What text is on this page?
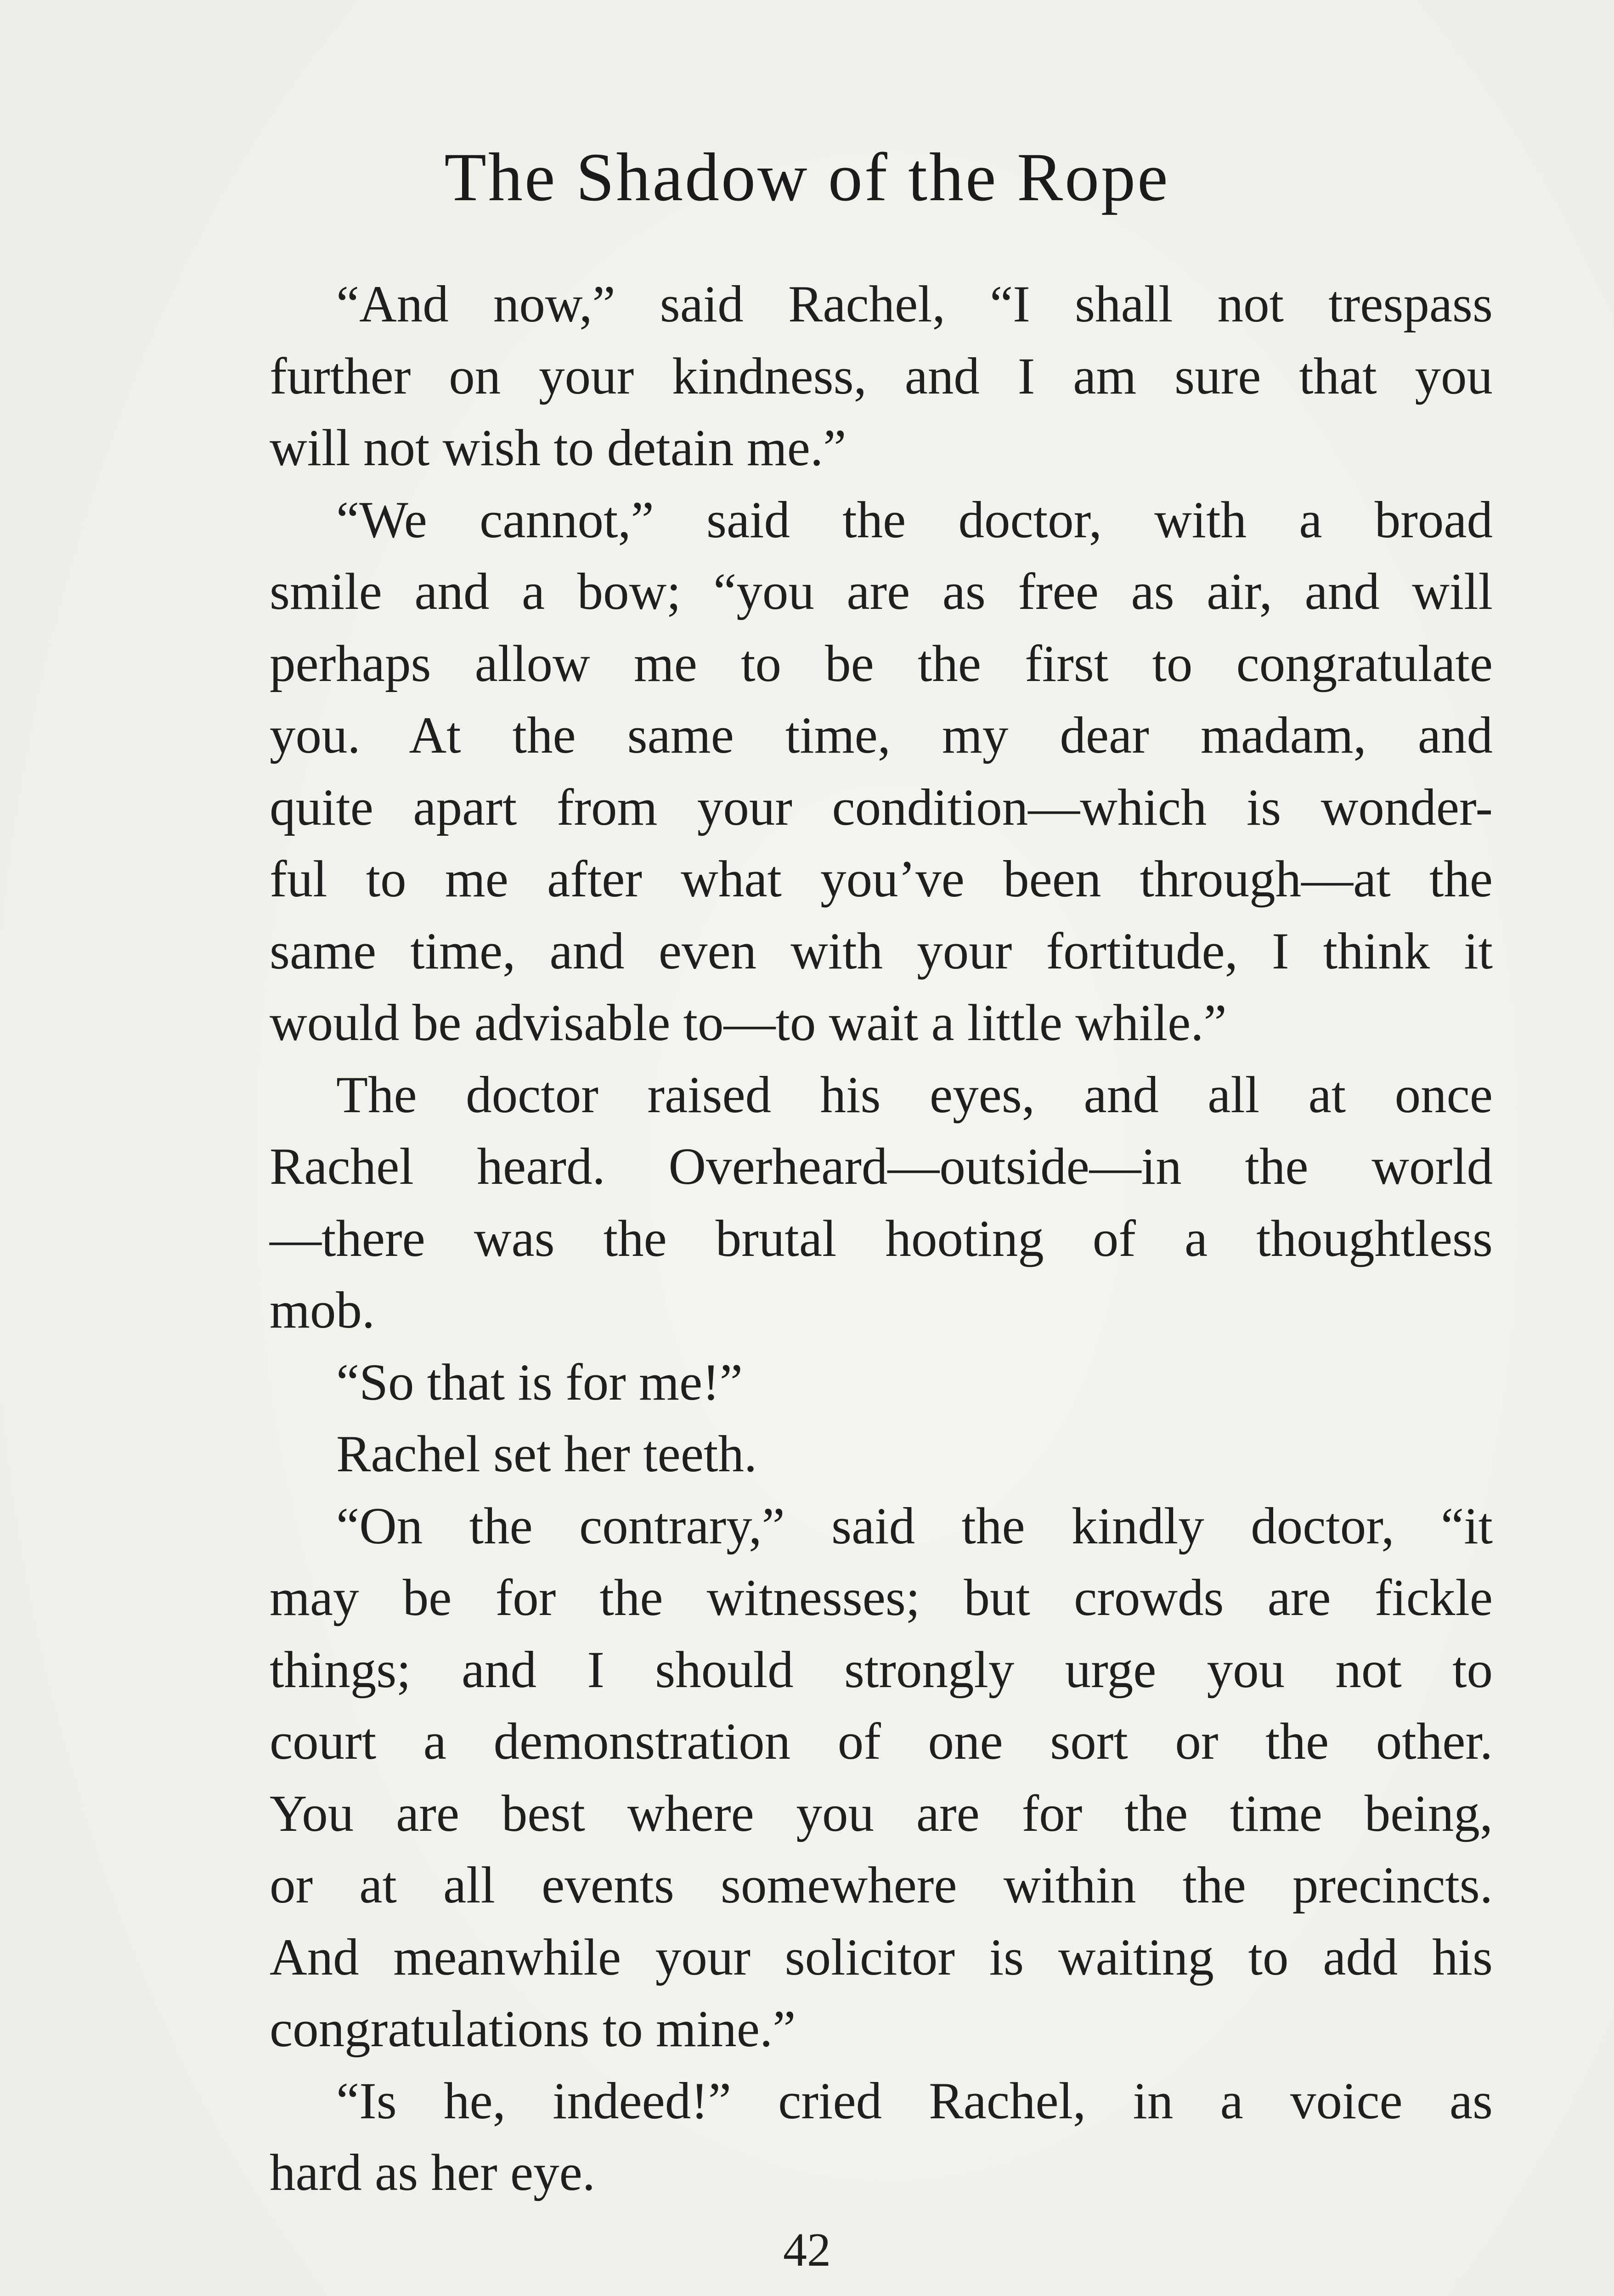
The Shadow of the Rope
“And now,” said Rachel, “I shall not trespass
further on your kindness, and I am sure that you
will not wish to detain me.”
“We cannot,” said the doctor, with a broad
smile and a bow; “you are as free as air, and will
perhaps allow me to be the first to congratulate
you. At the same time, my dear madam, and
quite apart from your condition—which is wonder-
ful to me after what you’ve been through—at the
same time, and even with your fortitude, I think it
would be advisable to—to wait a little while.”
The doctor raised his eyes, and all at once
Rachel heard. Overheard—outside—in the world
—there was the brutal hooting of a thoughtless
mob.
“So that is for me!”
Rachel set her teeth.
“On the contrary,” said the kindly doctor, “it
may be for the witnesses; but crowds are fickle
things; and I should strongly urge you not to
court a demonstration of one sort or the other.
You are best where you are for the time being,
or at all events somewhere within the precincts.
And meanwhile your solicitor is waiting to add his
congratulations to mine.”
“Is he, indeed!” cried Rachel, in a voice as
hard as her eye.
42
